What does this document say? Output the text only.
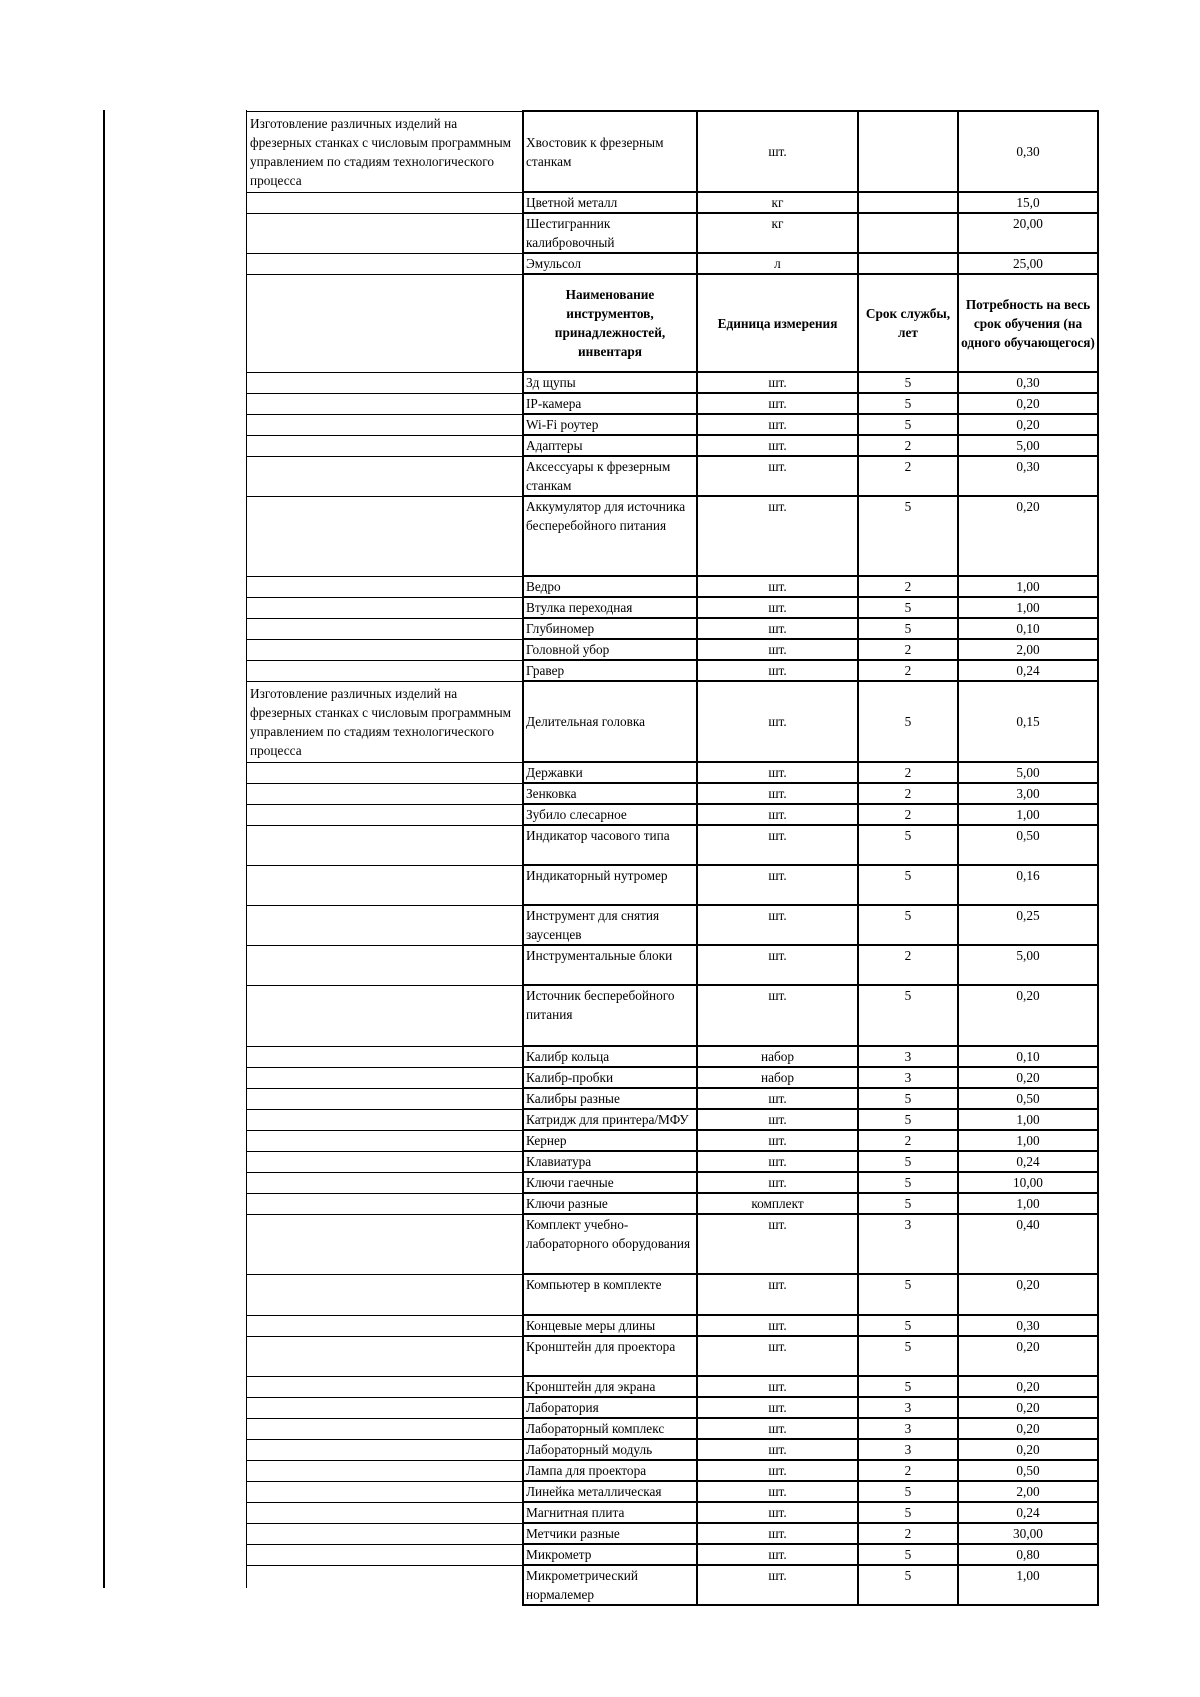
Изготовление различных изделий на фрезерных станках с числовым программным управлением по стадиям технологического процесса	Хвостовик к фрезерным станкам	шт.		0,30
	Цветной металл	кг		15,0
	Шестигранник калибровочный	кг		20,00
	Эмульсол	л		25,00
	Наименование инструментов, принадлежностей, инвентаря	Единица измерения	Срок службы, лет	Потребность на весь срок обучения (на одного обучающегося)
	3д щупы	шт.	5	0,30
	IP-камера	шт.	5	0,20
	Wi-Fi роутер	шт.	5	0,20
	Адаптеры	шт.	2	5,00
	Аксессуары к фрезерным станкам	шт.	2	0,30
	Аккумулятор для источника бесперебойного питания	шт.	5	0,20
	Ведро	шт.	2	1,00
	Втулка переходная	шт.	5	1,00
	Глубиномер	шт.	5	0,10
	Головной убор	шт.	2	2,00
	Гравер	шт.	2	0,24
Изготовление различных изделий на фрезерных станках с числовым программным управлением по стадиям технологического процесса	Делительная головка	шт.	5	0,15
	Державки	шт.	2	5,00
	Зенковка	шт.	2	3,00
	Зубило слесарное	шт.	2	1,00
	Индикатор часового типа	шт.	5	0,50
	Индикаторный нутромер	шт.	5	0,16
	Инструмент для снятия заусенцев	шт.	5	0,25
	Инструментальные блоки	шт.	2	5,00
	Источник бесперебойного питания	шт.	5	0,20
	Калибр кольца	набор	3	0,10
	Калибр-пробки	набор	3	0,20
	Калибры разные	шт.	5	0,50
	Катридж для принтера/МФУ	шт.	5	1,00
	Кернер	шт.	2	1,00
	Клавиатура	шт.	5	0,24
	Ключи гаечные	шт.	5	10,00
	Ключи разные	комплект	5	1,00
	Комплект учебно-лабораторного оборудования	шт.	3	0,40
	Компьютер в комплекте	шт.	5	0,20
	Концевые меры длины	шт.	5	0,30
	Кронштейн для проектора	шт.	5	0,20
	Кронштейн для экрана	шт.	5	0,20
	Лаборатория	шт.	3	0,20
	Лабораторный комплекс	шт.	3	0,20
	Лабораторный модуль	шт.	3	0,20
	Лампа для проектора	шт.	2	0,50
	Линейка металлическая	шт.	5	2,00
	Магнитная плита	шт.	5	0,24
	Метчики разные	шт.	2	30,00
	Микрометр	шт.	5	0,80
	Микрометрический нормалемер	шт.	5	1,00
